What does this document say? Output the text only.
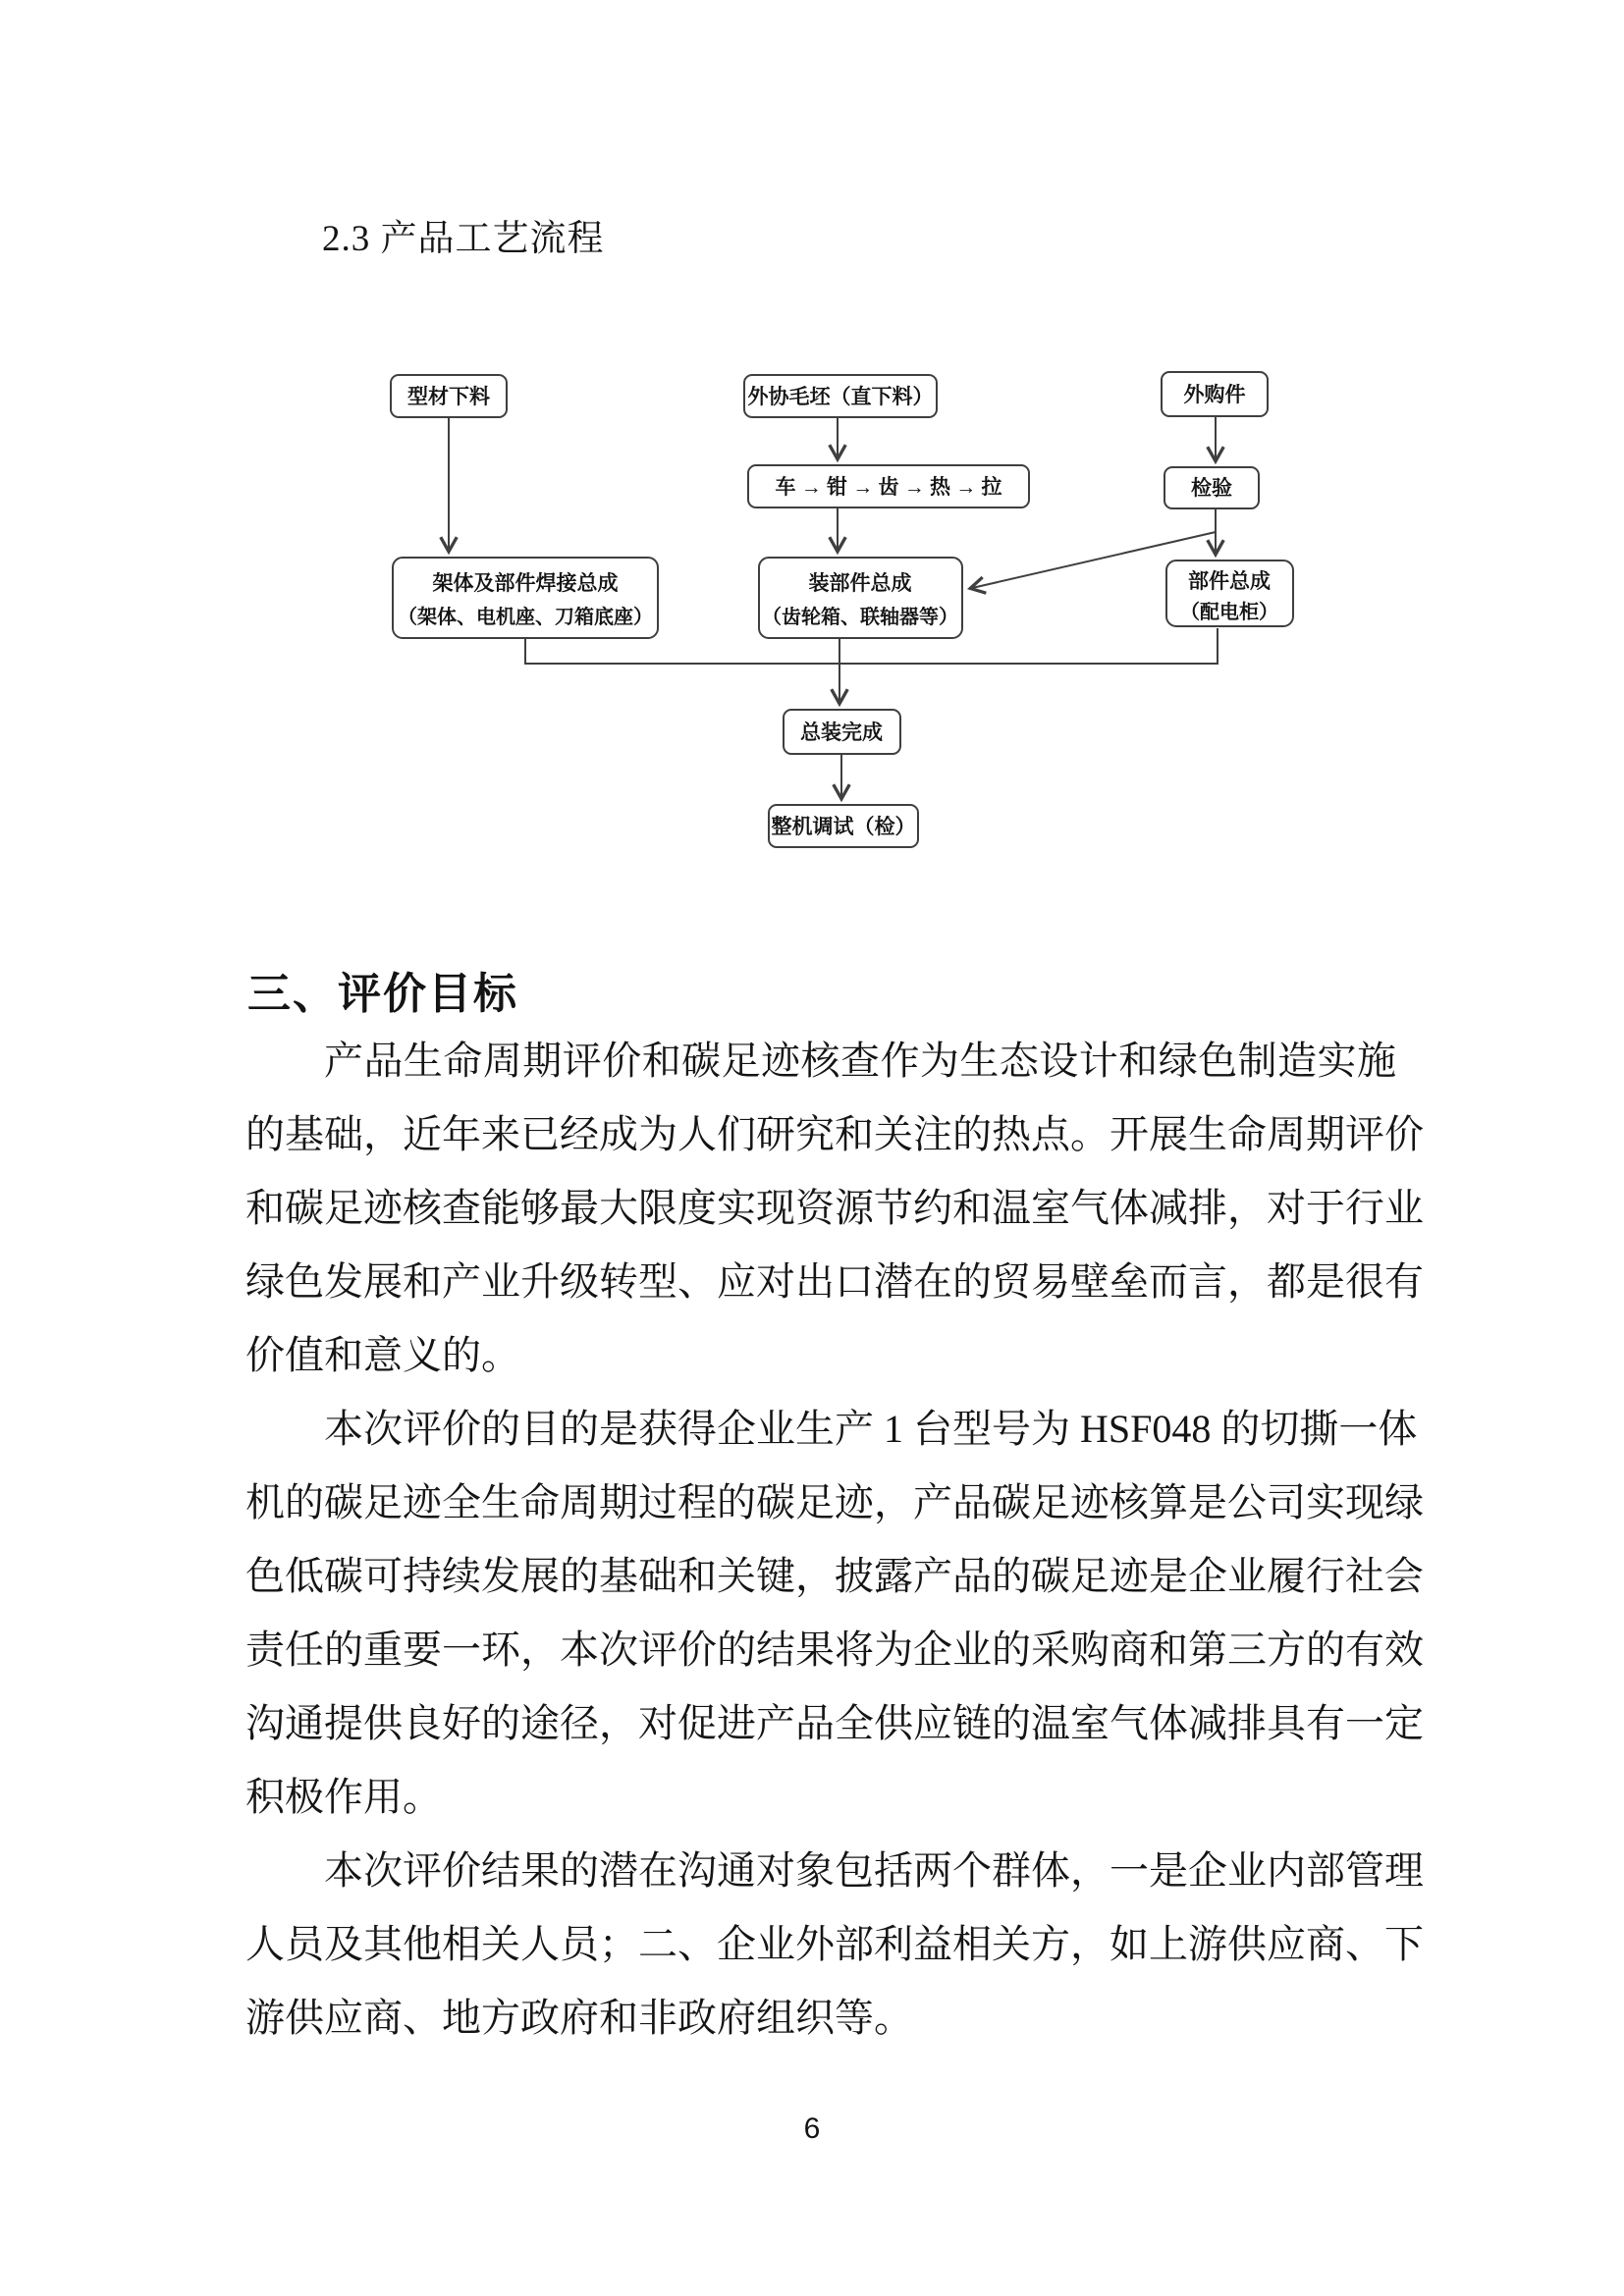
2.3 产品工艺流程
型材下料	外协毛坯（直下料）	外购件
车 → 钳 → 齿 → 热 → 拉	检验
架体及部件焊接总成
（架体、电机座、刀箱底座）
装部件总成
（齿轮箱、联轴器等）
部件总成
（配电柜）
总装完成
整机调试（检）
三、评价目标
产品生命周期评价和碳足迹核查作为生态设计和绿色制造实施
的基础，近年来已经成为人们研究和关注的热点。开展生命周期评价
和碳足迹核查能够最大限度实现资源节约和温室气体减排，对于行业
绿色发展和产业升级转型、应对出口潜在的贸易壁垒而言，都是很有
价值和意义的。
本次评价的目的是获得企业生产 1 台型号为 HSF048 的切撕一体
机的碳足迹全生命周期过程的碳足迹，产品碳足迹核算是公司实现绿
色低碳可持续发展的基础和关键，披露产品的碳足迹是企业履行社会
责任的重要一环，本次评价的结果将为企业的采购商和第三方的有效
沟通提供良好的途径，对促进产品全供应链的温室气体减排具有一定
积极作用。
本次评价结果的潜在沟通对象包括两个群体，一是企业内部管理
人员及其他相关人员；二、企业外部利益相关方，如上游供应商、下
游供应商、地方政府和非政府组织等。
6
